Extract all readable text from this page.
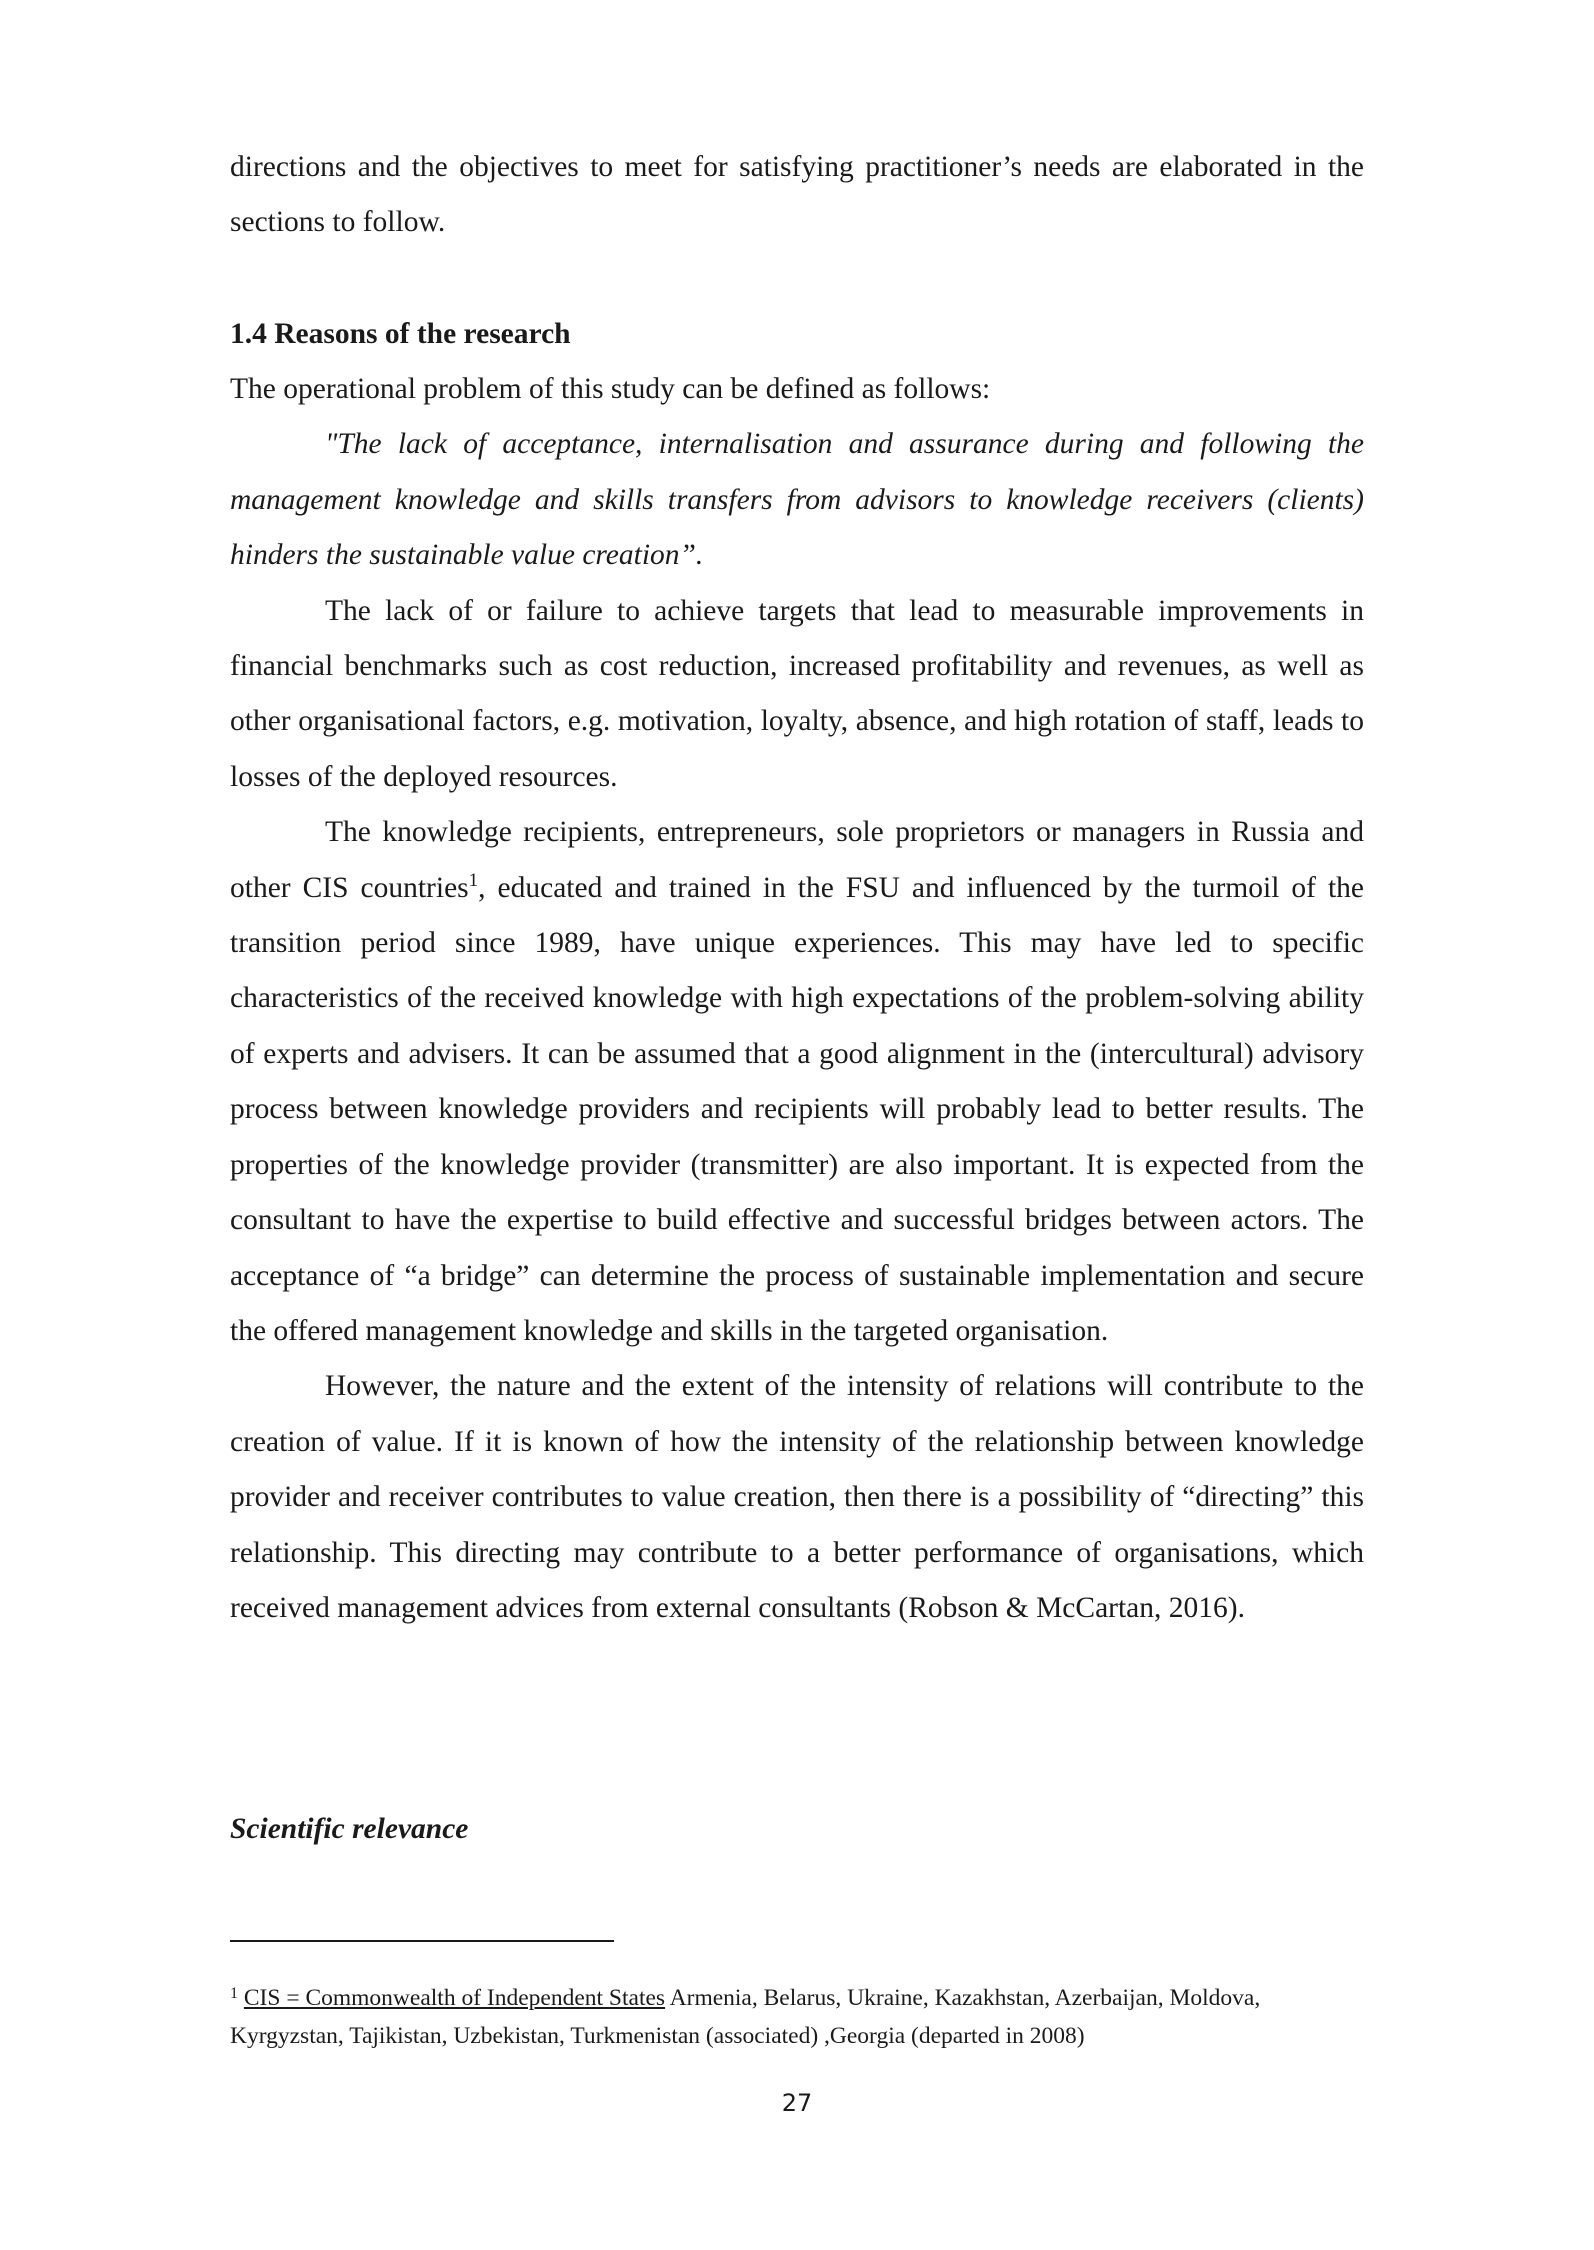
directions and the objectives to meet for satisfying practitioner’s needs are elaborated in the sections to follow.

1.4 Reasons of the research

The operational problem of this study can be defined as follows:

"The lack of acceptance, internalisation and assurance during and following the management knowledge and skills transfers from advisors to knowledge receivers (clients) hinders the sustainable value creation”.

The lack of or failure to achieve targets that lead to measurable improvements in financial benchmarks such as cost reduction, increased profitability and revenues, as well as other organisational factors, e.g. motivation, loyalty, absence, and high rotation of staff, leads to losses of the deployed resources.

The knowledge recipients, entrepreneurs, sole proprietors or managers in Russia and other CIS countries$^1$, educated and trained in the FSU and influenced by the turmoil of the transition period since 1989, have unique experiences. This may have led to specific characteristics of the received knowledge with high expectations of the problem-solving ability of experts and advisers. It can be assumed that a good alignment in the (intercultural) advisory process between knowledge providers and recipients will probably lead to better results. The properties of the knowledge provider (transmitter) are also important. It is expected from the consultant to have the expertise to build effective and successful bridges between actors. The acceptance of “a bridge” can determine the process of sustainable implementation and secure the offered management knowledge and skills in the targeted organisation.

However, the nature and the extent of the intensity of relations will contribute to the creation of value. If it is known of how the intensity of the relationship between knowledge provider and receiver contributes to value creation, then there is a possibility of “directing” this relationship. This directing may contribute to a better performance of organisations, which received management advices from external consultants (Robson & McCartan, 2016).

Scientific relevance

$^1$ CIS = Commonwealth of Independent States Armenia, Belarus, Ukraine, Kazakhstan, Azerbaijan, Moldova, Kyrgyzstan, Tajikistan, Uzbekistan, Turkmenistan (associated) ,Georgia (departed in 2008)

27
